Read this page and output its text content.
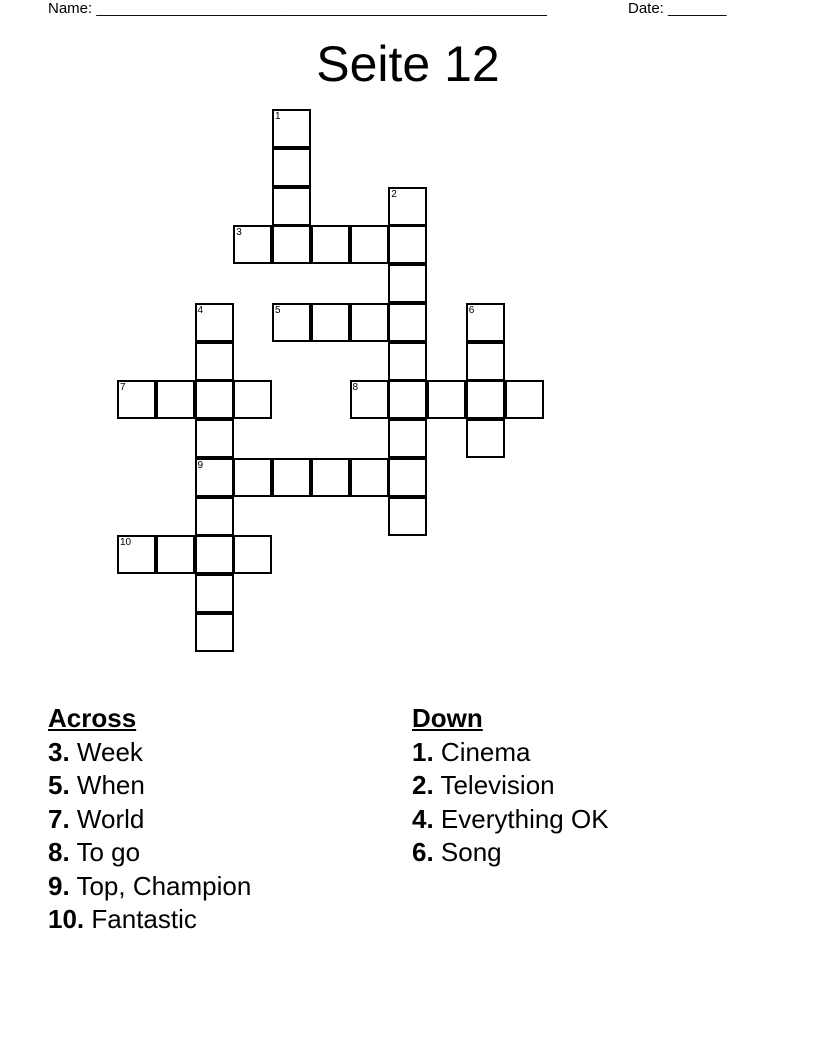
Name: ______________________________________________________	Date: _______
Seite 12
1
2
3
4
9
5	6
7	8
10
Across
3. Week
5. When
7. World
8. To go
9. Top, Champion
10. Fantastic
Down
1. Cinema
2. Television
4. Everything OK
6. Song
